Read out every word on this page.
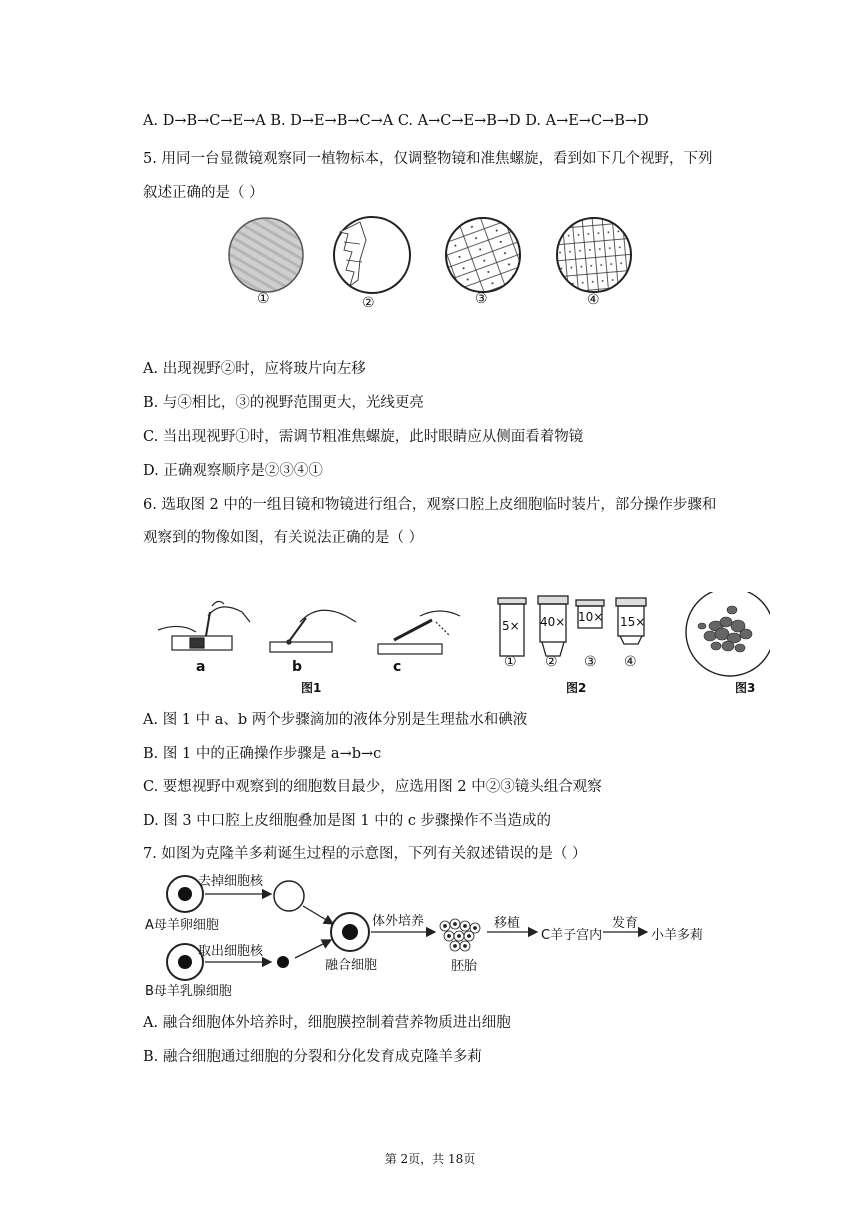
A. D→B→C→E→A B. D→E→B→C→A C. A→C→E→B→D D. A→E→C→B→D
5. 用同一台显微镜观察同一植物标本，仅调整物镜和准焦螺旋，看到如下几个视野，下列
叙述正确的是（ ）
①	②	③	④
A. 出现视野②时，应将玻片向左移
B. 与④相比，③的视野范围更大，光线更亮
C. 当出现视野①时，需调节粗准焦螺旋，此时眼睛应从侧面看着物镜
D. 正确观察顺序是②③④①
6. 选取图 2 中的一组目镜和物镜进行组合，观察口腔上皮细胞临时装片，部分操作步骤和
观察到的物像如图，有关说法正确的是（ ）
a	b	c
图1
5× 40× 10× 15×
① ② ③ ④
图2	图3
A. 图 1 中 a、b 两个步骤滴加的液体分别是生理盐水和碘液
B. 图 1 中的正确操作步骤是 a→b→c
C. 要想视野中观察到的细胞数目最少，应选用图 2 中②③镜头组合观察
D. 图 3 中口腔上皮细胞叠加是图 1 中的 c 步骤操作不当造成的
7. 如图为克隆羊多莉诞生过程的示意图，下列有关叙述错误的是（ ）
去掉细胞核
A母羊卵细胞
取出细胞核
B母羊乳腺细胞
融合细胞
体外培养
胚胎
移植
C羊子宫内
发育
小羊多莉
A. 融合细胞体外培养时，细胞膜控制着营养物质进出细胞
B. 融合细胞通过细胞的分裂和分化发育成克隆羊多莉
第 2页，共 18页
